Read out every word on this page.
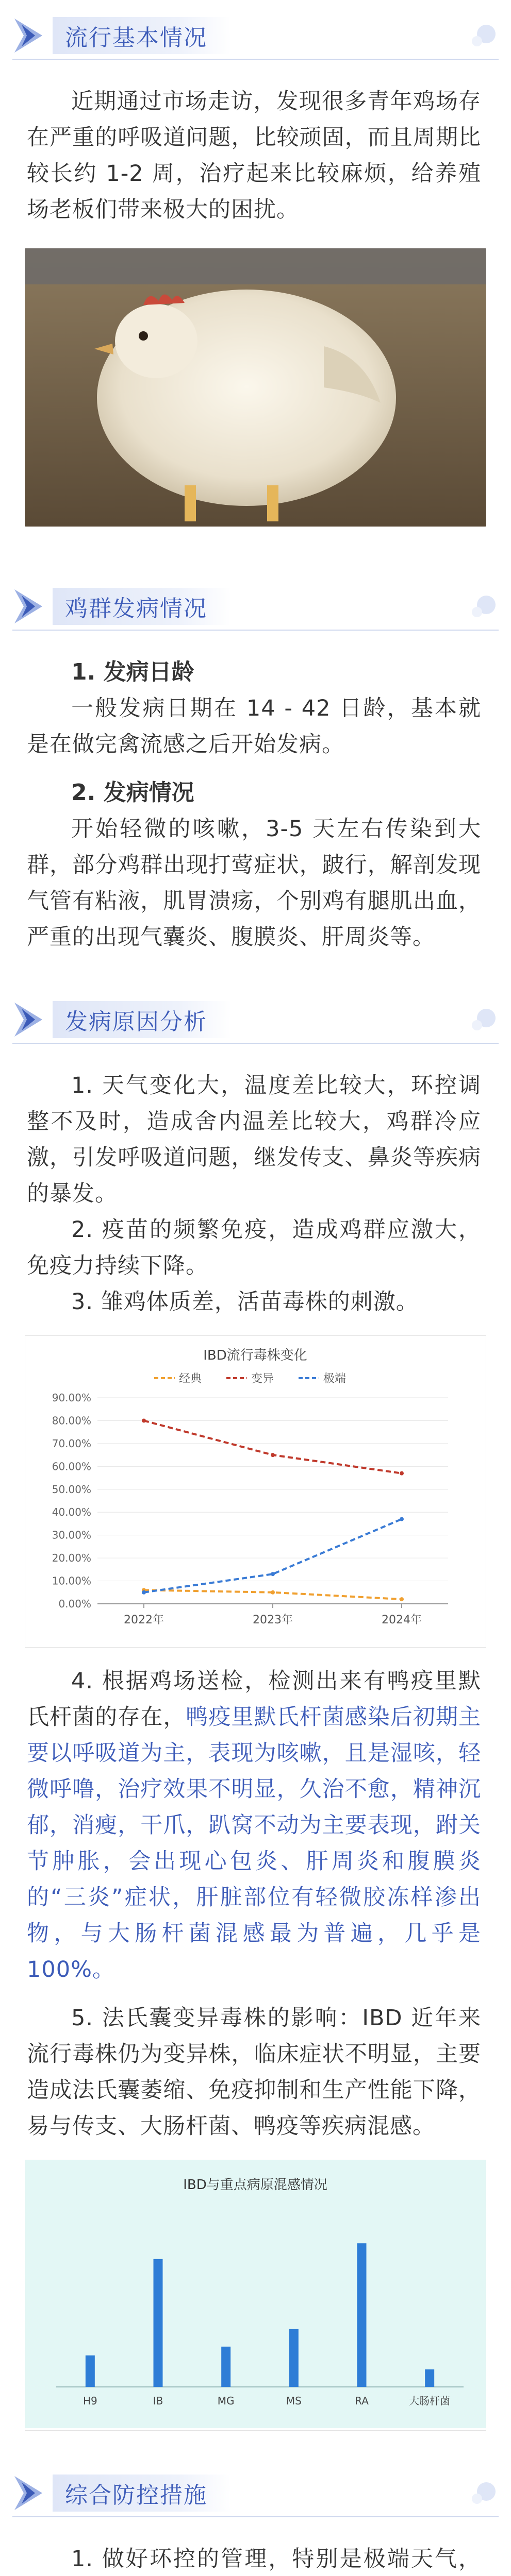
流行基本情况

近期通过市场走访，发现很多青年鸡场存在严重的呼吸道问题，比较顽固，而且周期比较长约 1-2 周，治疗起来比较麻烦，给养殖场老板们带来极大的困扰。

鸡群发病情况

1. 发病日龄

一般发病日期在 14 - 42 日龄，基本就是在做完禽流感之后开始发病。

2. 发病情况

开始轻微的咳嗽，3-5 天左右传染到大群，部分鸡群出现打莺症状，跛行，解剖发现气管有粘液，肌胃溃疡，个别鸡有腿肌出血，严重的出现气囊炎、腹膜炎、肝周炎等。

发病原因分析

1. 天气变化大，温度差比较大，环控调整不及时，造成舍内温差比较大，鸡群冷应激，引发呼吸道问题，继发传支、鼻炎等疾病的暴发。

2. 疫苗的频繁免疫，造成鸡群应激大，免疫力持续下降。

3. 雏鸡体质差，活苗毒株的刺激。

IBD流行毒株变化
经典	变异	极端
0.00%
10.00%
20.00%
30.00%
40.00%
50.00%
60.00%
70.00%
80.00%
90.00%
2022年	2023年	2024年

4. 根据鸡场送检，检测出来有鸭疫里默氏杆菌的存在，鸭疫里默氏杆菌感染后初期主要以呼吸道为主，表现为咳嗽，且是湿咳，轻微呼噜，治疗效果不明显，久治不愈，精神沉郁，消瘦，干爪，趴窝不动为主要表现，跗关节肿胀，会出现心包炎、肝周炎和腹膜炎的“三炎”症状，肝脏部位有轻微胶冻样渗出物，与大肠杆菌混感最为普遍，几乎是100%。

5. 法氏囊变异毒株的影响：IBD 近年来流行毒株仍为变异株，临床症状不明显，主要造成法氏囊萎缩、免疫抑制和生产性能下降，易与传支、大肠杆菌、鸭疫等疾病混感。

IBD与重点病原混感情况
H9	IB	MG	MS	RA	大肠杆菌
综合防控措施

1. 做好环控的管理，特别是极端天气，
